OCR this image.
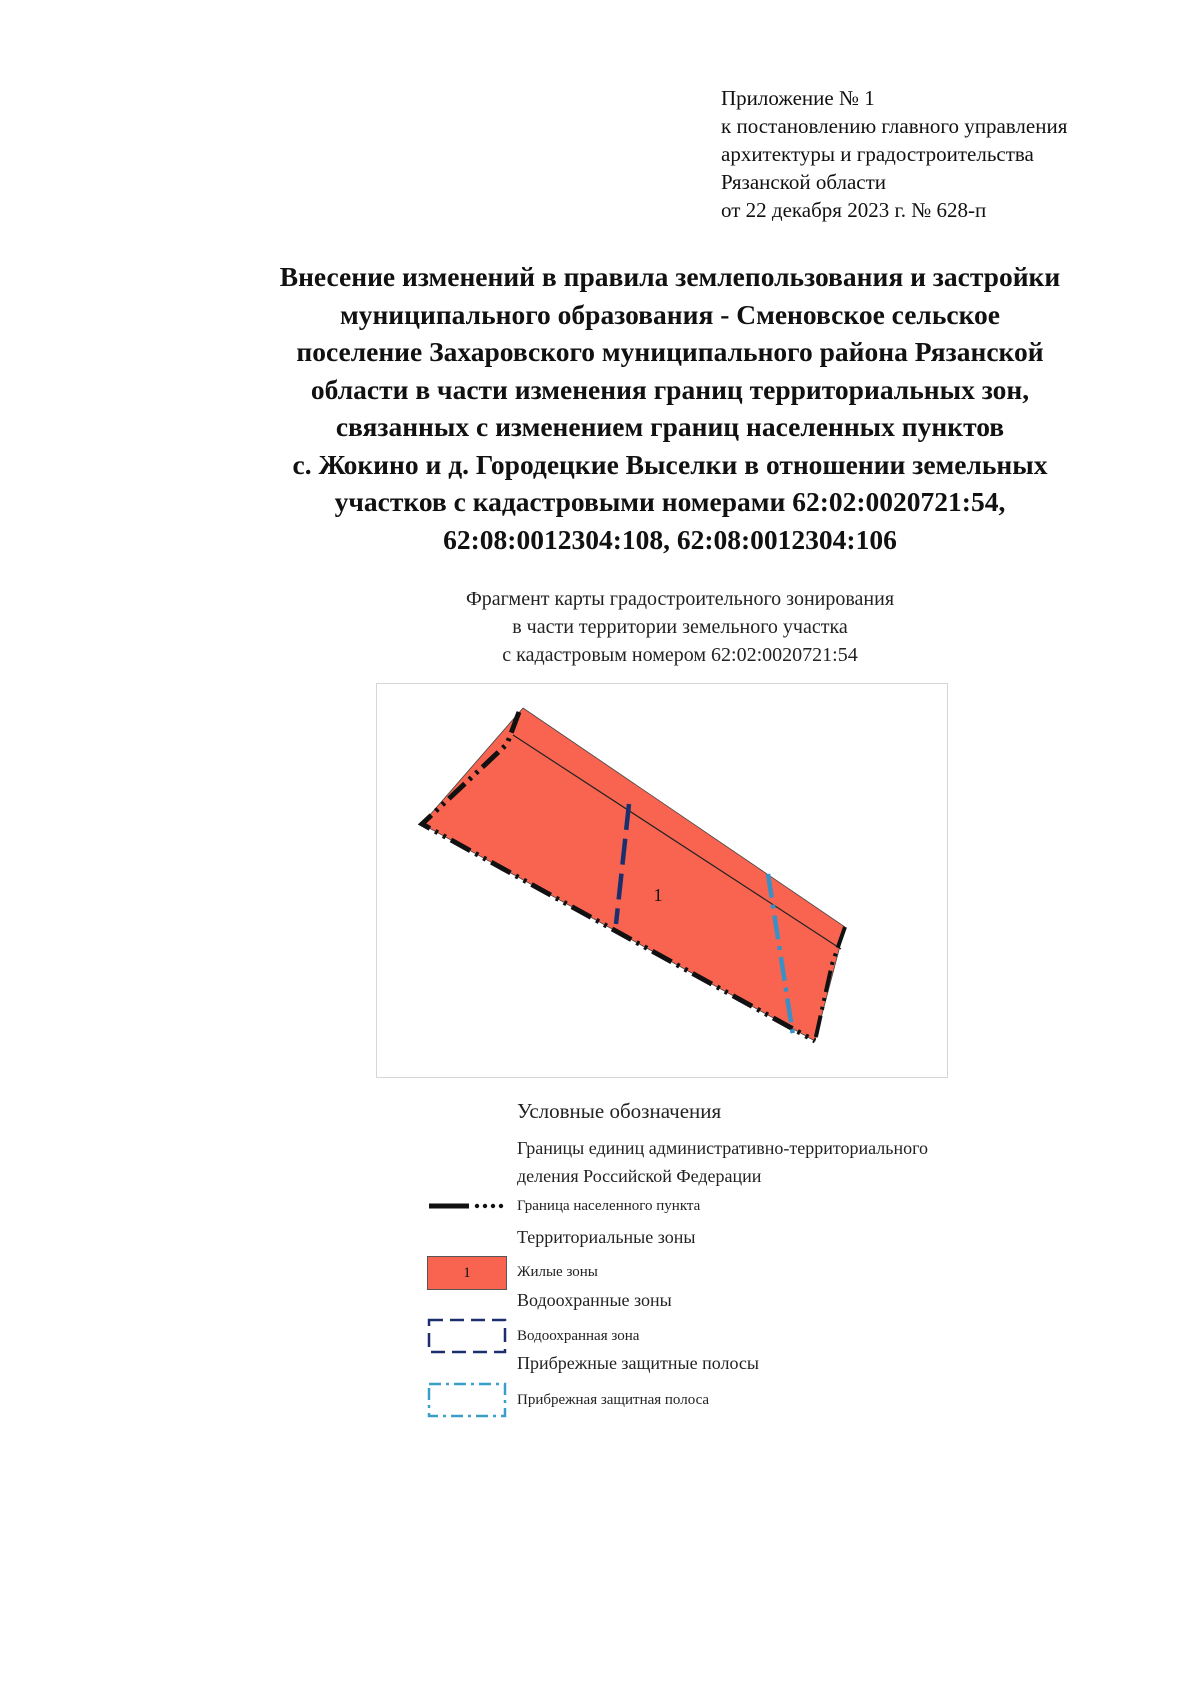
Приложение № 1
к постановлению главного управления
архитектуры и градостроительства
Рязанской области
от 22 декабря 2023 г. № 628-п
Внесение изменений в правила землепользования и застройки
муниципального образования - Сменовское сельское
поселение Захаровского муниципального района Рязанской
области в части изменения границ территориальных зон,
связанных с изменением границ населенных пунктов
с. Жокино и д. Городецкие Выселки в отношении земельных
участков с кадастровыми номерами 62:02:0020721:54,
62:08:0012304:108, 62:08:0012304:106
Фрагмент карты градостроительного зонирования
в части территории земельного участка
с кадастровым номером 62:02:0020721:54
1
Условные обозначения
Границы единиц административно-территориального
деления Российской Федерации
Граница населенного пункта
Территориальные зоны
1	Жилые зоны
Водоохранные зоны
Водоохранная зона
Прибрежные защитные полосы
Прибрежная защитная полоса
